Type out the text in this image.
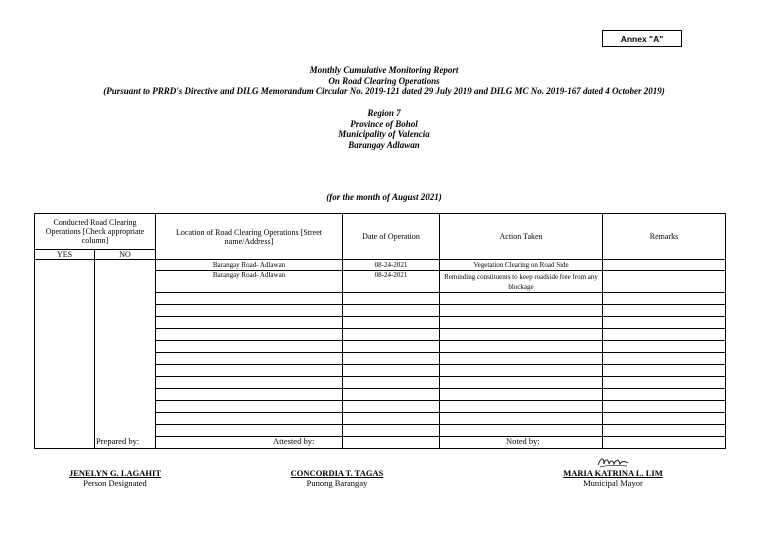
Annex "A"
Monthly Cumulative Monitoring Report
On Road Clearing Operations
(Pursuant to PRRD's Directive and DILG Memorandum Circular No. 2019-121 dated 29 July 2019 and DILG MC No. 2019-167 dated 4 October 2019)
Region 7
Province of Bohol
Municipality of Valencia
Barangay Adlawan
(for the month of August 2021)
Conducted Road Clearing Operations [Check appropriate column]		Location of Road Clearing Operations [Street name/Address]	Date of Operation	Action Taken	Remarks
YES	NO				
		Barangay Road- Adlawan	08-24-2021	Vegetation Clearing on Road Side	
		Barangay Road- Adlawan	08-24-2021	Reminding constituents to keep roadside free from any blockage	

Prepared by:	Attested by:	Noted by:
JENELYN G. LAGAHIT
Person Designated
CONCORDIA T. TAGAS
Punong Barangay
MARIA KATRINA L. LIM
Municipal Mayor
